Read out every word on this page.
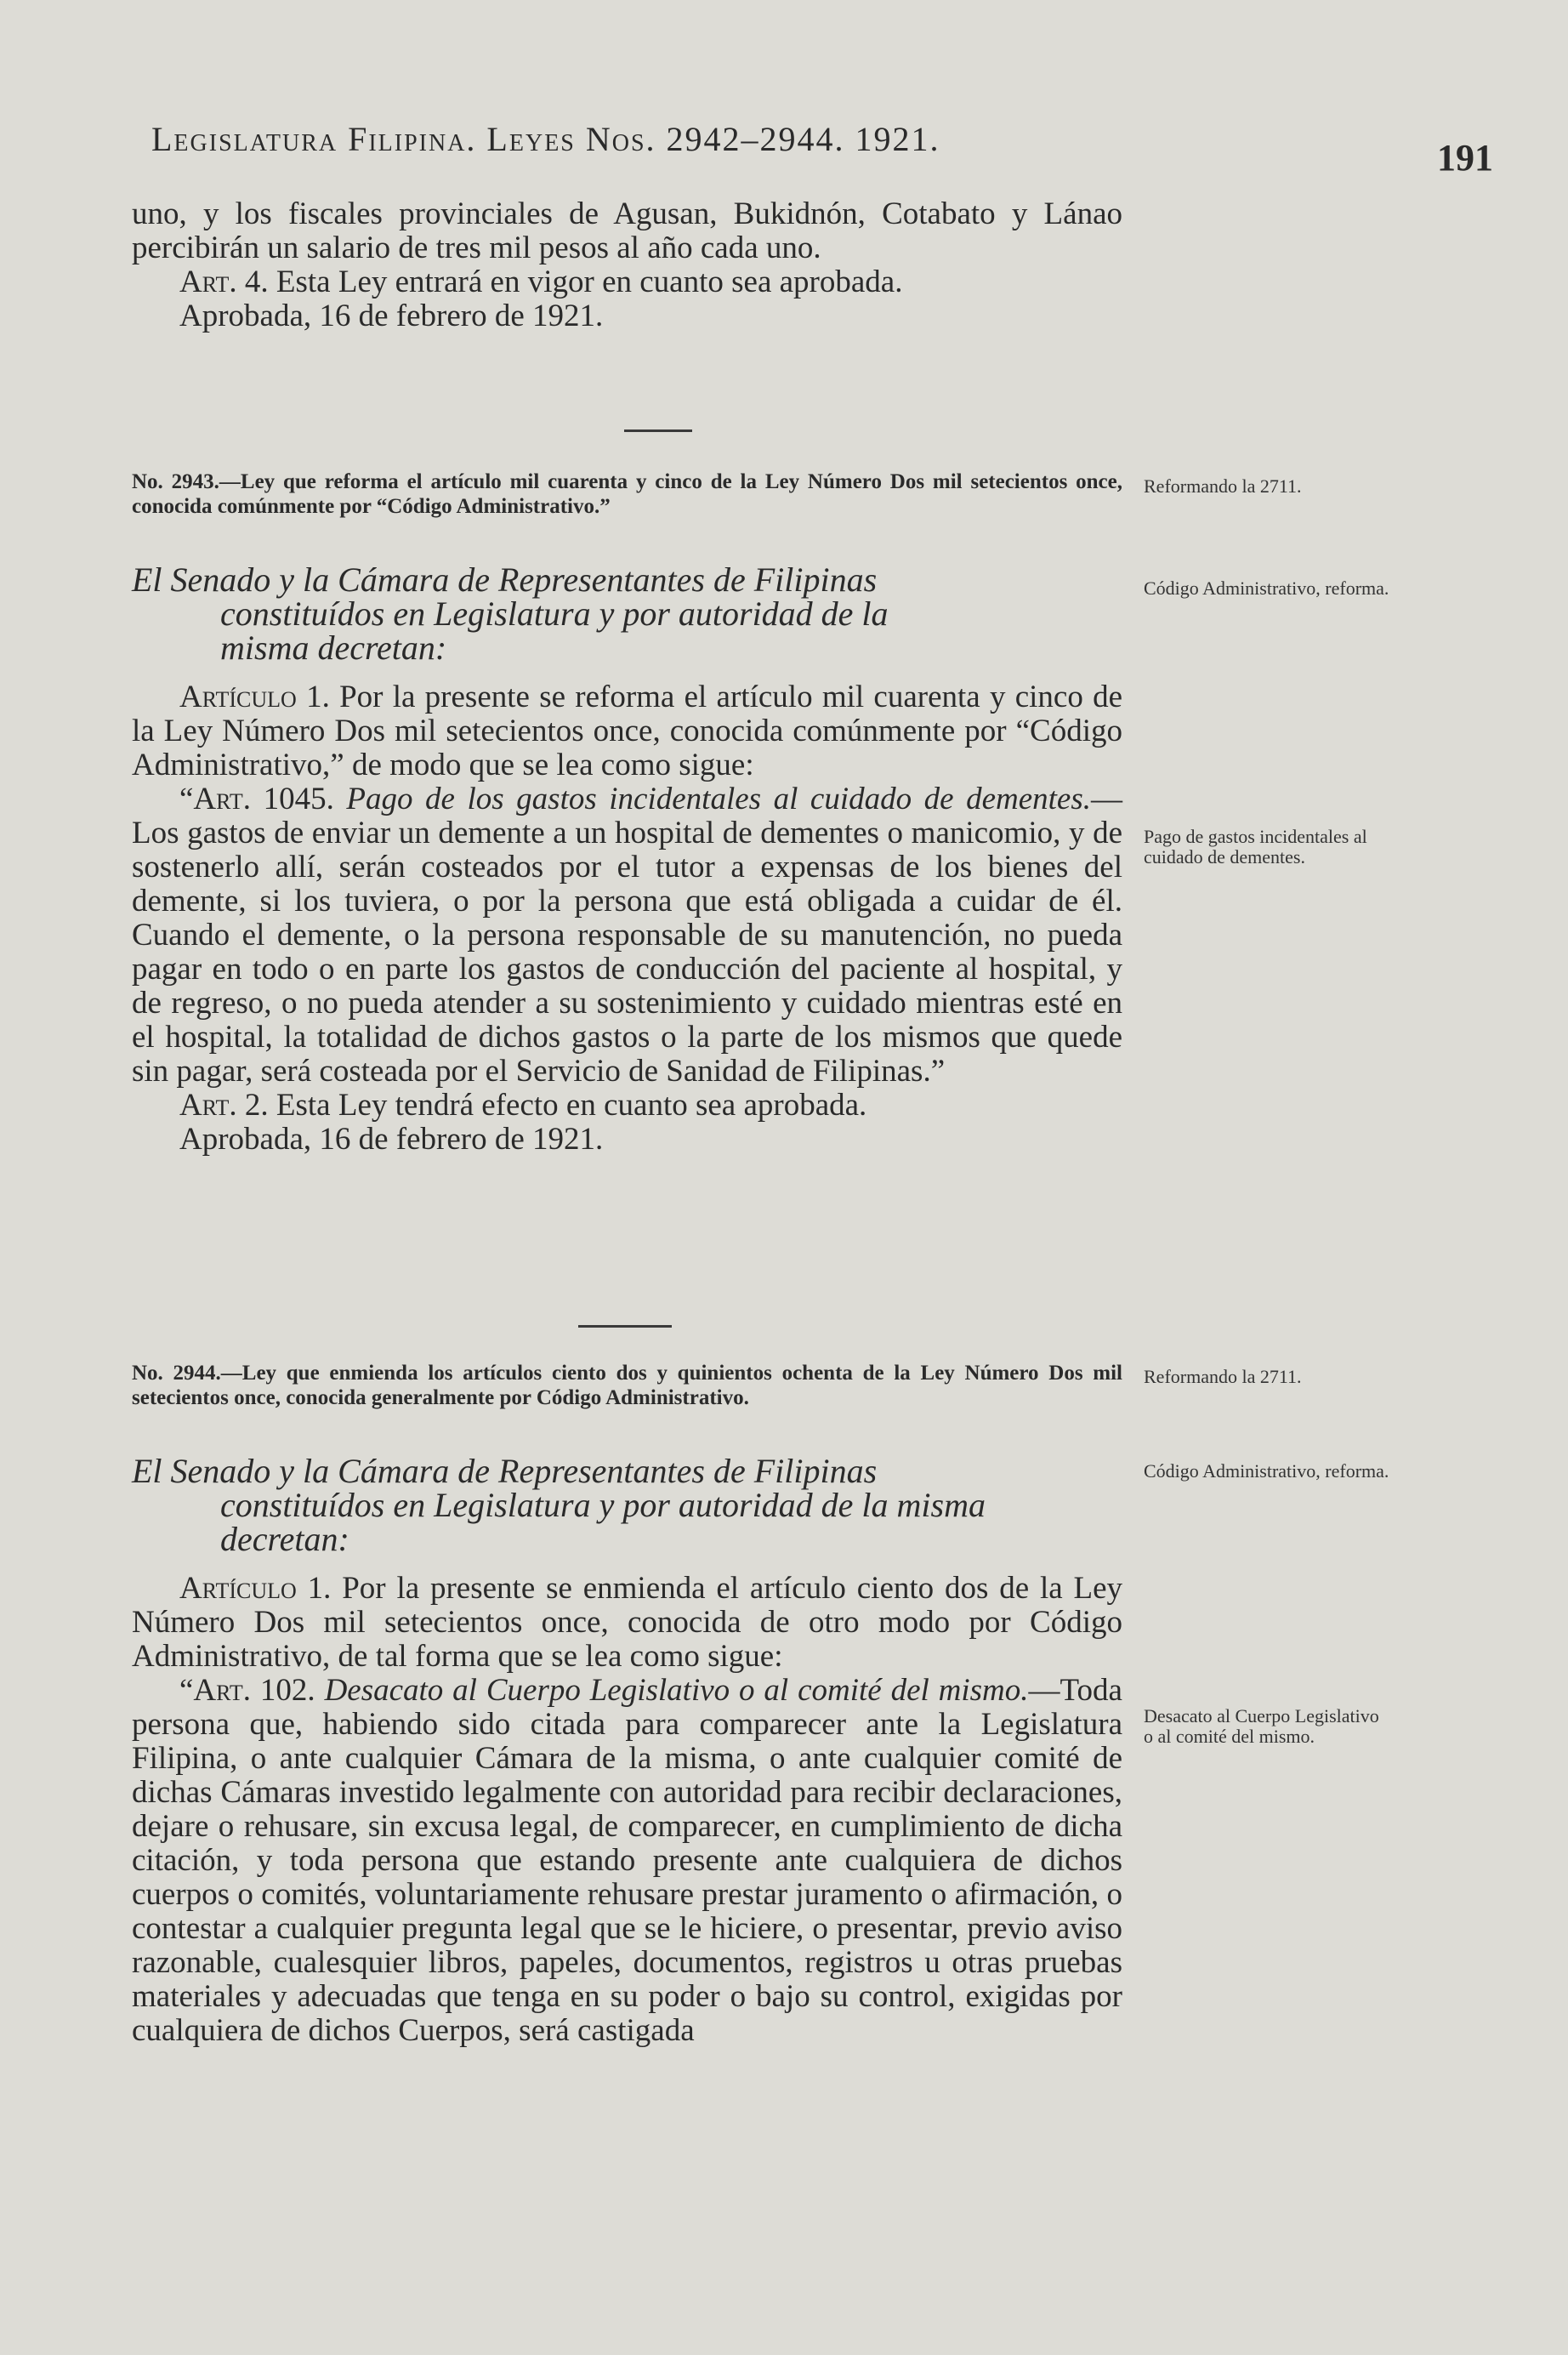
Legislatura Filipina. Leyes Nos. 2942–2944. 1921.	191

uno, y los fiscales provinciales de Agusan, Bukidnón, Cotabato y Lánao percibirán un salario de tres mil pesos al año cada uno.

Art. 4. Esta Ley entrará en vigor en cuanto sea aprobada.

Aprobada, 16 de febrero de 1921.

No. 2943.—Ley que reforma el artículo mil cuarenta y cinco de la Ley Número Dos mil setecientos once, conocida comúnmente por “Código Administrativo.”
Reformando la 2711.
El Senado y la Cámara de Representantes de Filipinas
constituídos en Legislatura y por autoridad de la
misma decretan:
Código Administrativo, reforma.

Artículo 1. Por la presente se reforma el artículo mil cuarenta y cinco de la Ley Número Dos mil setecientos once, conocida comúnmente por “Código Administrativo,” de modo que se lea como sigue:

“Art. 1045. Pago de los gastos incidentales al cuidado de dementes.—Los gastos de enviar un demente a un hospital de dementes o manicomio, y de sostenerlo allí, serán costeados por el tutor a expensas de los bienes del demente, si los tuviera, o por la persona que está obligada a cuidar de él. Cuando el demente, o la persona responsable de su manutención, no pueda pagar en todo o en parte los gastos de conducción del paciente al hospital, y de regreso, o no pueda atender a su sostenimiento y cuidado mientras esté en el hospital, la totalidad de dichos gastos o la parte de los mismos que quede sin pagar, será costeada por el Servicio de Sanidad de Filipinas.”

Art. 2. Esta Ley tendrá efecto en cuanto sea aprobada.

Aprobada, 16 de febrero de 1921.

Pago de gastos incidentales al cuidado de dementes.
No. 2944.—Ley que enmienda los artículos ciento dos y quinientos ochenta de la Ley Número Dos mil setecientos once, conocida generalmente por Código Administrativo.
Reformando la 2711.
El Senado y la Cámara de Representantes de Filipinas
constituídos en Legislatura y por autoridad de la misma
decretan:
Código Administrativo, reforma.

Artículo 1. Por la presente se enmienda el artículo ciento dos de la Ley Número Dos mil setecientos once, conocida de otro modo por Código Administrativo, de tal forma que se lea como sigue:

“Art. 102. Desacato al Cuerpo Legislativo o al comité del mismo.—Toda persona que, habiendo sido citada para comparecer ante la Legislatura Filipina, o ante cualquier Cámara de la misma, o ante cualquier comité de dichas Cámaras investido legalmente con autoridad para recibir declaraciones, dejare o rehusare, sin excusa legal, de comparecer, en cumplimiento de dicha citación, y toda persona que estando presente ante cualquiera de dichos cuerpos o comités, voluntariamente rehusare prestar juramento o afirmación, o contestar a cualquier pregunta legal que se le hiciere, o presentar, previo aviso razonable, cualesquier libros, papeles, documentos, registros u otras pruebas materiales y adecuadas que tenga en su poder o bajo su control, exigidas por cualquiera de dichos Cuerpos, será castigada

Desacato al Cuerpo Legislativo o al comité del mismo.
